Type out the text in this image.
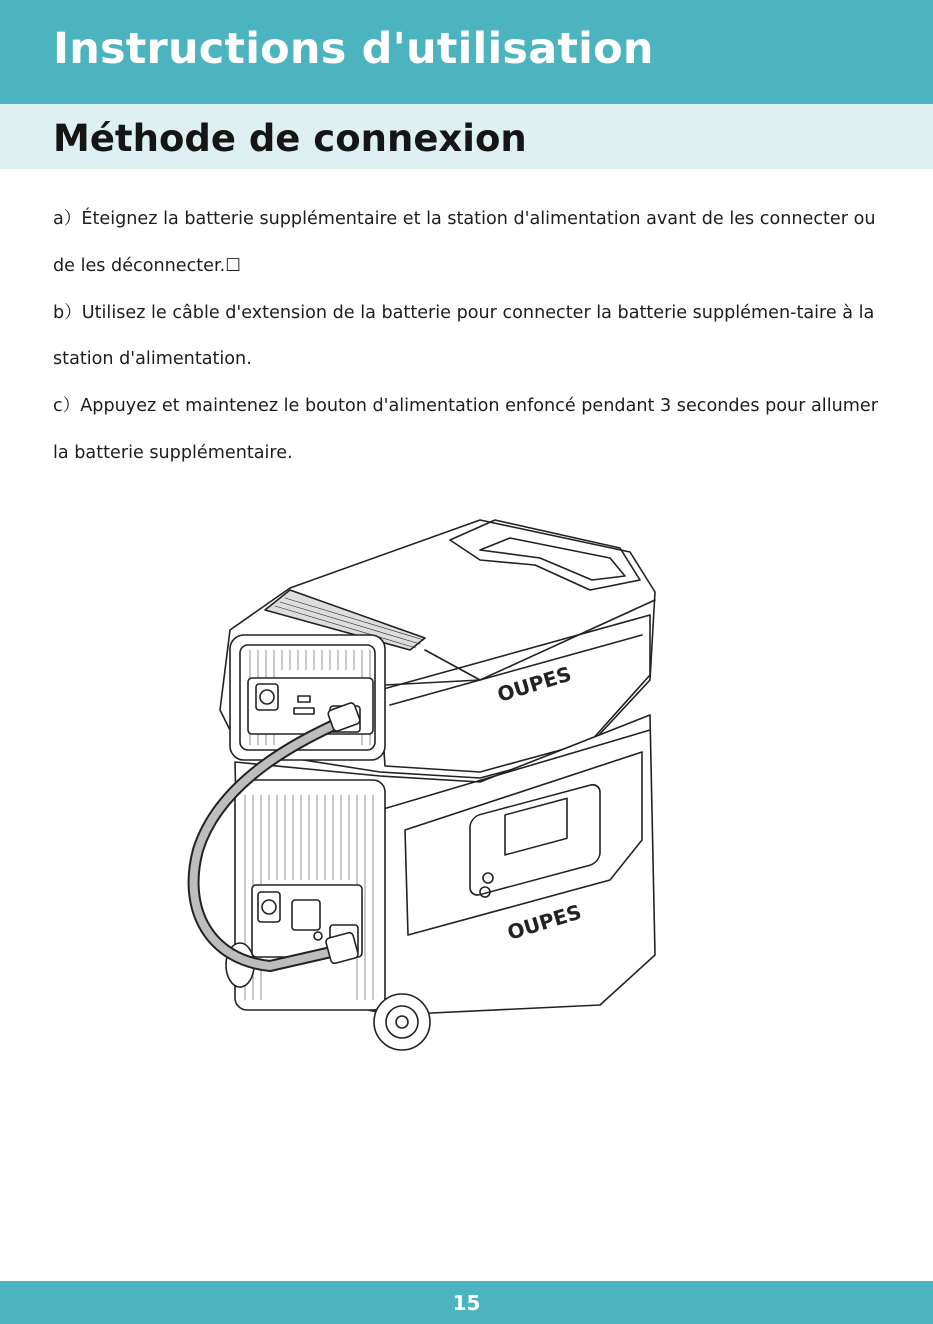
Instructions d'utilisation
Méthode de connexion

a）Éteignez la batterie supplémentaire et la station d'alimentation avant de les connecter ou de les déconnecter.☐

b）Utilisez le câble d'extension de la batterie pour connecter la batterie supplémen-taire à la station d'alimentation.

c）Appuyez et maintenez le bouton d'alimentation enfoncé pendant 3 secondes pour allumer la batterie supplémentaire.

OUPES
OUPES
15
